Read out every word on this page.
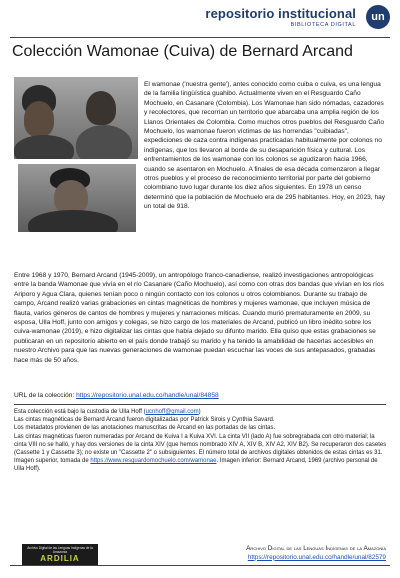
repositorio institucional
BIBLIOTECA DIGITAL
un
Colección Wamonae (Cuiva) de Bernard Arcand
El wamonae ('nuestra gente'), antes conocido como cuiba o cuiva, es una lengua de la familia lingüística guahibo. Actualmente viven en el Resguardo Caño Mochuelo, en Casanare (Colombia). Los Wamonae han sido nómadas, cazadores y recolectores, que recorrían un territorio que abarcaba una amplia región de los Llanos Orientales de Colombia. Como muchos otros pueblos del Resguardo Caño Mochuelo, los wamonae fueron víctimas de las horrendas "cuibiadas", expediciones de caza contra indígenas practicadas habitualmente por colonos no indígenas, que los llevaron al borde de su desaparición física y cultural. Los enfrentamientos de los wamonae con los colonos se agudizaron hacia 1966, cuando se asentaron en Mochuelo. A finales de esa década comenzaron a llegar otros pueblos y el proceso de reconocimiento territorial por parte del gobierno colombiano tuvo lugar durante los diez años siguientes. En 1978 un censo determinó que la población de Mochuelo era de 295 habitantes. Hoy, en 2023, hay un total de 918.
Entre 1968 y 1970, Bernard Arcand (1945-2009), un antropólogo franco-canadiense, realizó investigaciones antropológicas entre la banda Wamonae que vivía en el río Casanare (Caño Mochuelo), así como con otras dos bandas que vivían en los ríos Ariporo y Agua Clara, quienes tenían poco o ningún contacto con los colonos u otros colombianos. Durante su trabajo de campo, Arcand realizó varias grabaciones en cintas magnéticas de hombres y mujeres wamonae, que incluyen música de flauta, varios géneros de cantos de hombres y mujeres y narraciones míticas. Cuando murió prematuramente en 2009, su esposa, Ulla Hoff, junto con amigos y colegas, se hizo cargo de los materiales de Arcand, publicó un libro inédito sobre los cuiva-wamonae (2019), e hizo digitalizar las cintas que había dejado su difunto marido. Ella quiso que estas grabaciones se publicaran en un repositorio abierto en el país donde trabajó su marido y ha tenido la amabilidad de hacerlas accesibles en nuestro Archivo para que las nuevas generaciones de wamonae puedan escuchar las voces de sus antepasados, grabadas hace más de 50 años.
URL de la colección: https://repositorio.unal.edu.co/handle/unal/84858
Esta colección está bajo la custodia de Ulla Hoff (ucnhoff@gmail.com)
Las cintas magnéticas de Bernard Arcand fueron digitalizadas por Patrick Sirois y Cynthia Savard.
Los metadatos provienen de las anotaciones manuscritas de Arcand en las portadas de las cintas.
Las cintas magnéticas fueron numeradas por Arcand de Kuiva I a Kuiva XVI. La cinta VII (lado A) fue sobregrabada con otro material; la cinta VIII no se halló, y hay dos versiones de la cinta XIV (que hemos nombrado XIV A, XIV B, XIV A2, XIV B2). Se recuperaron dos casetes (Cassette 1 y Cassette 3); no existe un "Cassette 2" o subsiguientes. El número total de archivos digitales obtenidos de estas cintas es 31.
Imagen superior, tomada de https://www.resguardomochuelo.com/wamonae. Imagen inferior: Bernard Arcand, 1969 (archivo personal de Ulla Hoff).
Archivo Digital de las Lenguas Indígenas de la Amazonía
ARDILIA
Archivo Digital de las Lenguas Indígenas de la Amazonía
https://repositorio.unal.edu.co/handle/unal/82579
